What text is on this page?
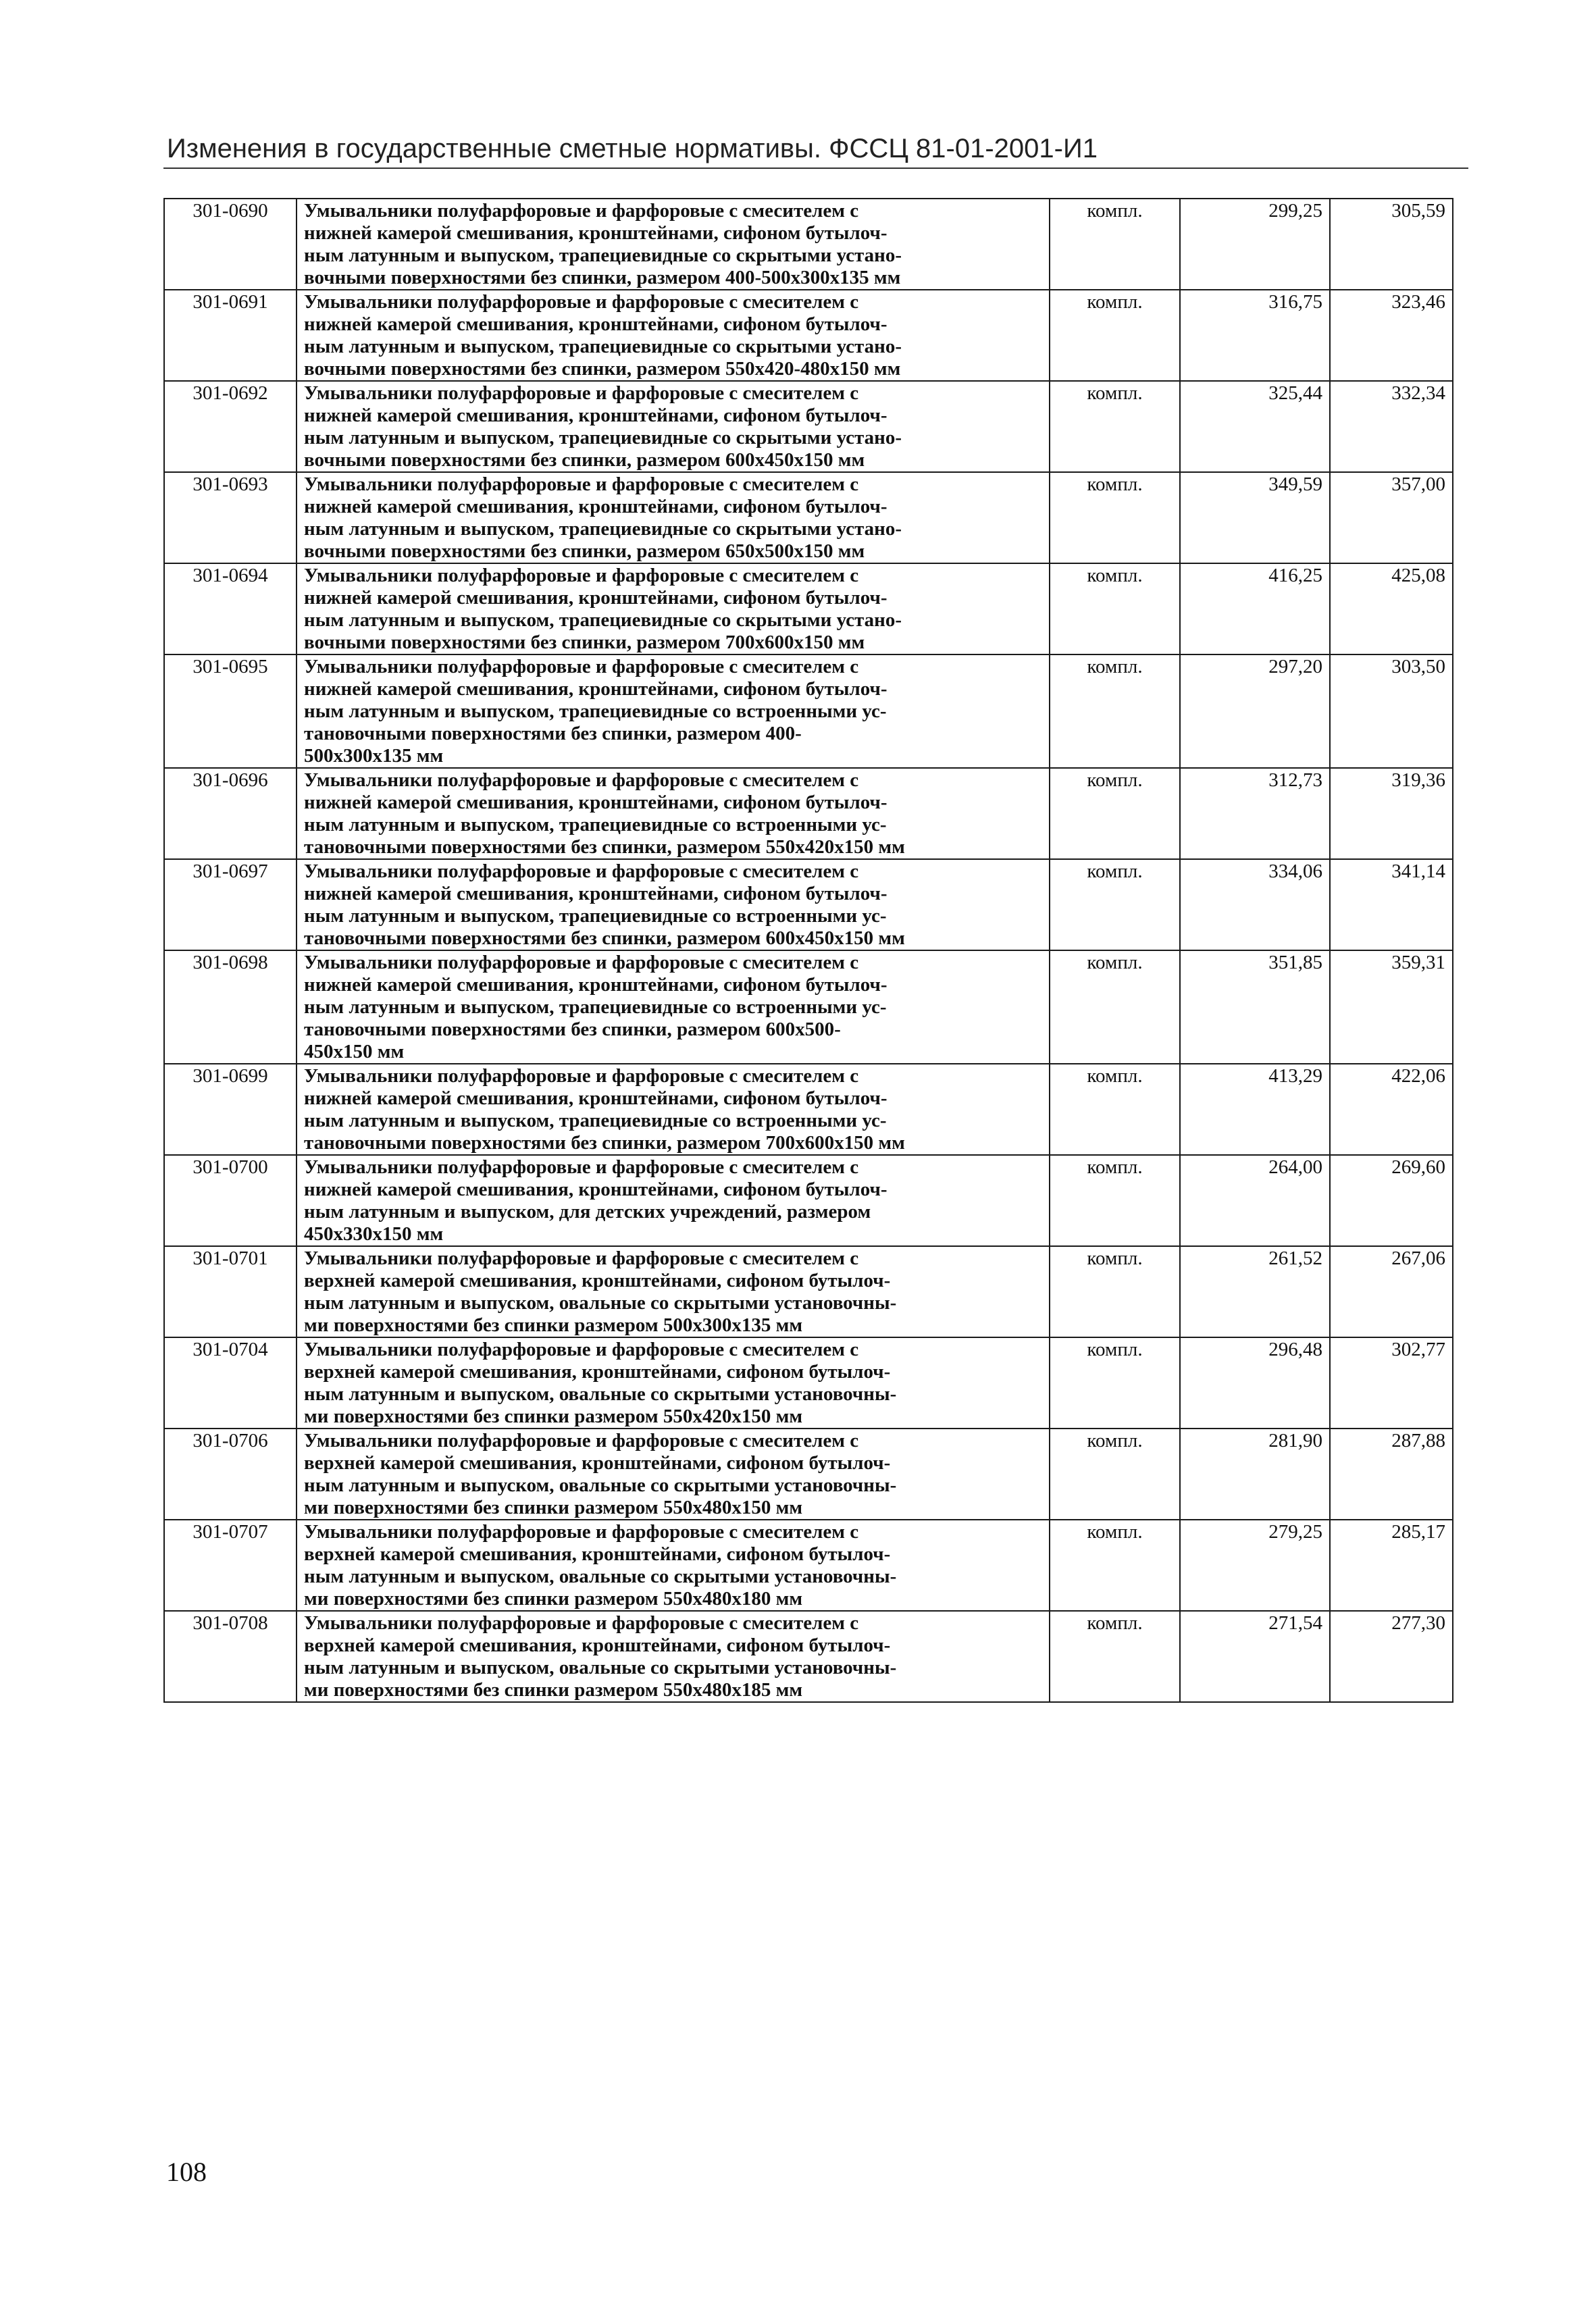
Изменения в государственные сметные нормативы. ФССЦ 81-01-2001-И1
301-0690	Умывальники полуфарфоровые и фарфоровые с смесителем с
нижней камерой смешивания, кронштейнами, сифоном бутылоч-
ным латунным и выпуском, трапециевидные со скрытыми устано-
вочными поверхностями без спинки, размером 400-500х300х135 мм	компл.	299,25	305,59
301-0691	Умывальники полуфарфоровые и фарфоровые с смесителем с
нижней камерой смешивания, кронштейнами, сифоном бутылоч-
ным латунным и выпуском, трапециевидные со скрытыми устано-
вочными поверхностями без спинки, размером 550х420-480х150 мм	компл.	316,75	323,46
301-0692	Умывальники полуфарфоровые и фарфоровые с смесителем с
нижней камерой смешивания, кронштейнами, сифоном бутылоч-
ным латунным и выпуском, трапециевидные со скрытыми устано-
вочными поверхностями без спинки, размером 600х450х150 мм	компл.	325,44	332,34
301-0693	Умывальники полуфарфоровые и фарфоровые с смесителем с
нижней камерой смешивания, кронштейнами, сифоном бутылоч-
ным латунным и выпуском, трапециевидные со скрытыми устано-
вочными поверхностями без спинки, размером 650х500х150 мм	компл.	349,59	357,00
301-0694	Умывальники полуфарфоровые и фарфоровые с смесителем с
нижней камерой смешивания, кронштейнами, сифоном бутылоч-
ным латунным и выпуском, трапециевидные со скрытыми устано-
вочными поверхностями без спинки, размером 700х600х150 мм	компл.	416,25	425,08
301-0695	Умывальники полуфарфоровые и фарфоровые с смесителем с
нижней камерой смешивания, кронштейнами, сифоном бутылоч-
ным латунным и выпуском, трапециевидные со встроенными ус-
тановочными поверхностями без спинки, размером 400-
500х300х135 мм	компл.	297,20	303,50
301-0696	Умывальники полуфарфоровые и фарфоровые с смесителем с
нижней камерой смешивания, кронштейнами, сифоном бутылоч-
ным латунным и выпуском, трапециевидные со встроенными ус-
тановочными поверхностями без спинки, размером 550х420х150 мм	компл.	312,73	319,36
301-0697	Умывальники полуфарфоровые и фарфоровые с смесителем с
нижней камерой смешивания, кронштейнами, сифоном бутылоч-
ным латунным и выпуском, трапециевидные со встроенными ус-
тановочными поверхностями без спинки, размером 600х450х150 мм	компл.	334,06	341,14
301-0698	Умывальники полуфарфоровые и фарфоровые с смесителем с
нижней камерой смешивания, кронштейнами, сифоном бутылоч-
ным латунным и выпуском, трапециевидные со встроенными ус-
тановочными поверхностями без спинки, размером 600х500-
450х150 мм	компл.	351,85	359,31
301-0699	Умывальники полуфарфоровые и фарфоровые с смесителем с
нижней камерой смешивания, кронштейнами, сифоном бутылоч-
ным латунным и выпуском, трапециевидные со встроенными ус-
тановочными поверхностями без спинки, размером 700х600х150 мм	компл.	413,29	422,06
301-0700	Умывальники полуфарфоровые и фарфоровые с смесителем с
нижней камерой смешивания, кронштейнами, сифоном бутылоч-
ным латунным и выпуском, для детских учреждений, размером
450х330х150 мм	компл.	264,00	269,60
301-0701	Умывальники полуфарфоровые и фарфоровые с смесителем с
верхней камерой смешивания, кронштейнами, сифоном бутылоч-
ным латунным и выпуском, овальные со скрытыми установочны-
ми поверхностями без спинки размером 500х300х135 мм	компл.	261,52	267,06
301-0704	Умывальники полуфарфоровые и фарфоровые с смесителем с
верхней камерой смешивания, кронштейнами, сифоном бутылоч-
ным латунным и выпуском, овальные со скрытыми установочны-
ми поверхностями без спинки размером 550х420х150 мм	компл.	296,48	302,77
301-0706	Умывальники полуфарфоровые и фарфоровые с смесителем с
верхней камерой смешивания, кронштейнами, сифоном бутылоч-
ным латунным и выпуском, овальные со скрытыми установочны-
ми поверхностями без спинки размером 550х480х150 мм	компл.	281,90	287,88
301-0707	Умывальники полуфарфоровые и фарфоровые с смесителем с
верхней камерой смешивания, кронштейнами, сифоном бутылоч-
ным латунным и выпуском, овальные со скрытыми установочны-
ми поверхностями без спинки размером 550х480х180 мм	компл.	279,25	285,17
301-0708	Умывальники полуфарфоровые и фарфоровые с смесителем с
верхней камерой смешивания, кронштейнами, сифоном бутылоч-
ным латунным и выпуском, овальные со скрытыми установочны-
ми поверхностями без спинки размером 550х480х185 мм	компл.	271,54	277,30
108
